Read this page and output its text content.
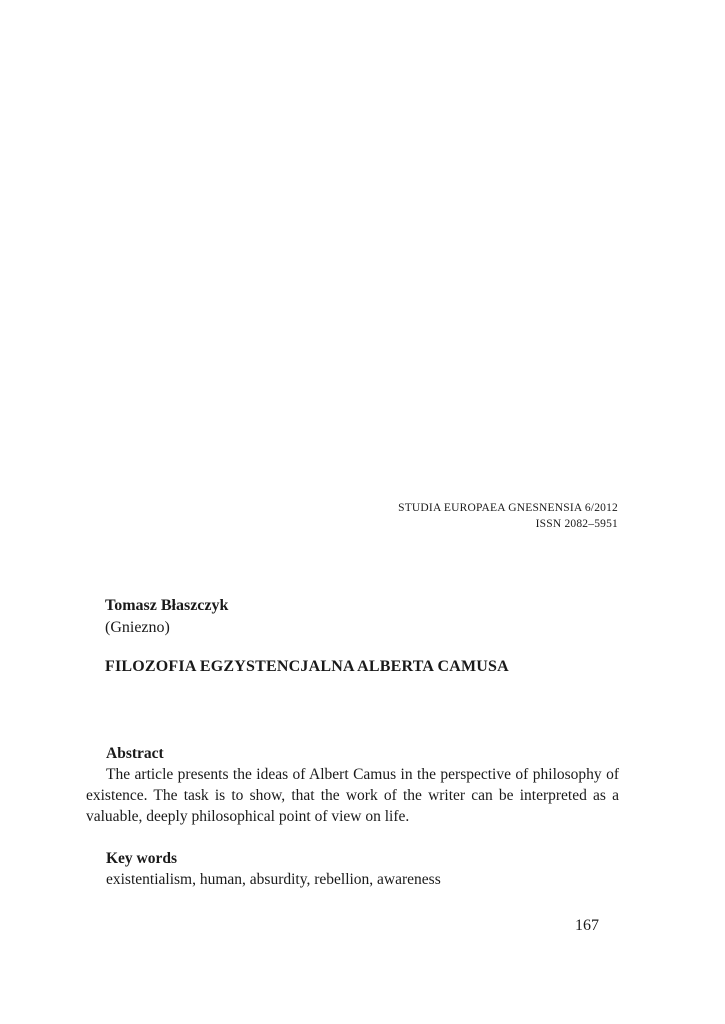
STUDIA EUROPAEA GNESNENSIA 6/2012
ISSN 2082–5951
Tomasz Błaszczyk
(Gniezno)
FILOZOFIA EGZYSTENCJALNA ALBERTA CAMUSA
Abstract

The article presents the ideas of Albert Camus in the perspective of philosophy of existence. The task is to show, that the work of the writer can be interpreted as a valuable, deeply philosophical point of view on life.

Key words
existentialism, human, absurdity, rebellion, awareness
167
